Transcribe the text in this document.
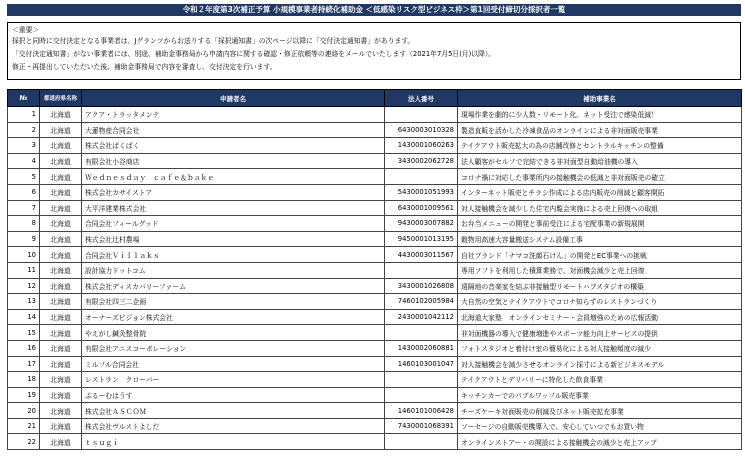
令和２年度第3次補正予算 小規模事業者持続化補助金 ＜低感染リスク型ビジネス枠＞第1回受付締切分採択者一覧
＜重要＞
採択と同時に交付決定となる事業者は、Jグランツからお送りする「採択通知書」の次ページ以降に「交付決定通知書」があります。
「交付決定通知書」がない事業者には、別途、補助金事務局から申請内容に関する確認・修正依頼等の連絡をメールでいたします（2021年7月5日(月)以降）。
修正・再提出していただいた後、補助金事務局で内容を審査し、交付決定を行います。
№	都道府県名称	申請者名	法人番号	補助事業名
1	北海道	アクア・トラッタメンテ		現場作業を劇的に少人数・リモート化。ネット受注で感染低減！
2	北海道	大蓮物産合同会社	6430003010328	製造直販を活かした冷凍食品のオンラインによる非対面販売事業
3	北海道	株式会社ぱくぱく	1430001060263	テイクアウト販売拡大の為の店舗改修とセントラルキッチンの整備
4	北海道	有限会社小谷商店	3430002062728	法人顧客がセルフで完結できる非対面型自動給油機の導入
5	北海道	Ｗｅｄｎｅｓｄａｙ　ｃａｆｅ＆ｂａｋｅ		コロナ禍に対応した事業所内の接触機会の低減と非対面販売の確立
6	北海道	株式会社カサイストア	5430001051993	インターネット販売とチラシ作成による店内販売の削減と顧客開拓
7	北海道	大平洋建業株式会社	6430001009561	対人接触機会を減少した住宅内覧会実施による売上回復への取組
8	北海道	合同会社フィールグッド	9430003007882	お弁当メニューの開発と事前受注による宅配事業の新規展開
9	北海道	株式会社辻村農場	9450001013195	穀物用高速大容量搬送システム設備工事
10	北海道	合同会社Ｖｉｌｌａｋｓ	4430003011567	自社ブランド「ナマコ洗顔石けん」の開発とEC事業への挑戦
11	北海道	設計協力ドットコム		専用ソフトを利用した積算業務で、対面機会減少と売上回復
12	北海道	株式会社ディスカバリーファーム	3430001026808	遠隔地の音楽家を結ぶ非接触型リモートハブスタジオの構築
13	北海道	有限会社四三二企画	7460102005984	大自然の空気とテイクアウトでコロナ知らずのレストランづくり
14	北海道	オーナーズビジョン株式会社	2430001042112	北海道大家塾　オンラインセミナー・会員増強のための広報活動
15	北海道	やえがし鍼灸整骨院		非対面機器の導入で健康増進やスポーツ能力向上サービスの提供
16	北海道	有限会社アニスコーポレーション	1430002060881	フォトスタジオと着付け室の簡易化による対人接触頻度の減少
17	北海道	ミルフル合同会社	1460103001047	対人接触機会を減少させるオンライン採寸による新ビジネスモデル
18	北海道	レストラン　クローバー		テイクアウトとデリバリーに特化した飲食事業
19	北海道	ぷるーむはうす		キッチンカーでのパブルワッフル販売事業
20	北海道	株式会社ＡＳＣＯＭ	1460101006428	チーズケーキ対面販売の削減及びネット販売拡充事業
21	北海道	株式会社ヴルストよしだ	7430001068391	ソーセージの自動販売機導入で、安心していつでもお買い物
22	北海道	ｔｓｕｇｉ		オンラインストアー・の開設による接触機会の減少と売上アップ
